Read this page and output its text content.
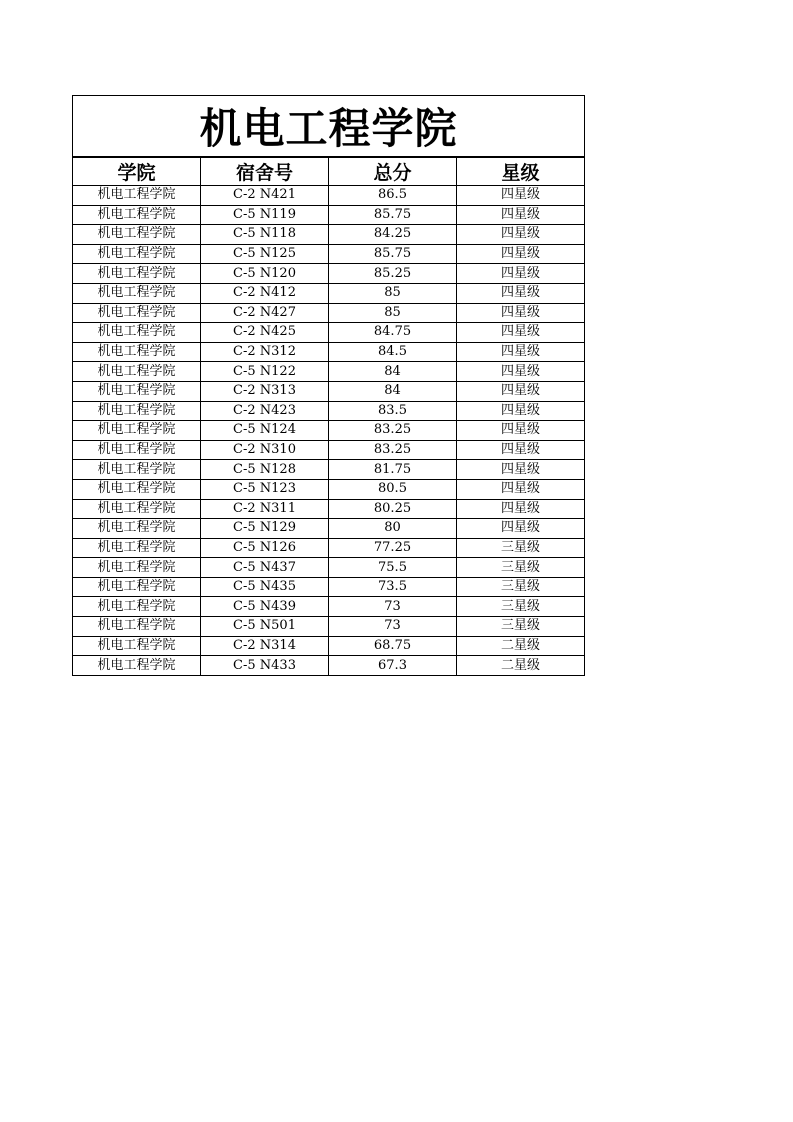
机电工程学院			
学院	宿舍号	总分	星级
机电工程学院	C-2 N421	86.5	四星级
机电工程学院	C-5 N119	85.75	四星级
机电工程学院	C-5 N118	84.25	四星级
机电工程学院	C-5 N125	85.75	四星级
机电工程学院	C-5 N120	85.25	四星级
机电工程学院	C-2 N412	85	四星级
机电工程学院	C-2 N427	85	四星级
机电工程学院	C-2 N425	84.75	四星级
机电工程学院	C-2 N312	84.5	四星级
机电工程学院	C-5 N122	84	四星级
机电工程学院	C-2 N313	84	四星级
机电工程学院	C-2 N423	83.5	四星级
机电工程学院	C-5 N124	83.25	四星级
机电工程学院	C-2 N310	83.25	四星级
机电工程学院	C-5 N128	81.75	四星级
机电工程学院	C-5 N123	80.5	四星级
机电工程学院	C-2 N311	80.25	四星级
机电工程学院	C-5 N129	80	四星级
机电工程学院	C-5 N126	77.25	三星级
机电工程学院	C-5 N437	75.5	三星级
机电工程学院	C-5 N435	73.5	三星级
机电工程学院	C-5 N439	73	三星级
机电工程学院	C-5 N501	73	三星级
机电工程学院	C-2 N314	68.75	二星级
机电工程学院	C-5 N433	67.3	二星级
